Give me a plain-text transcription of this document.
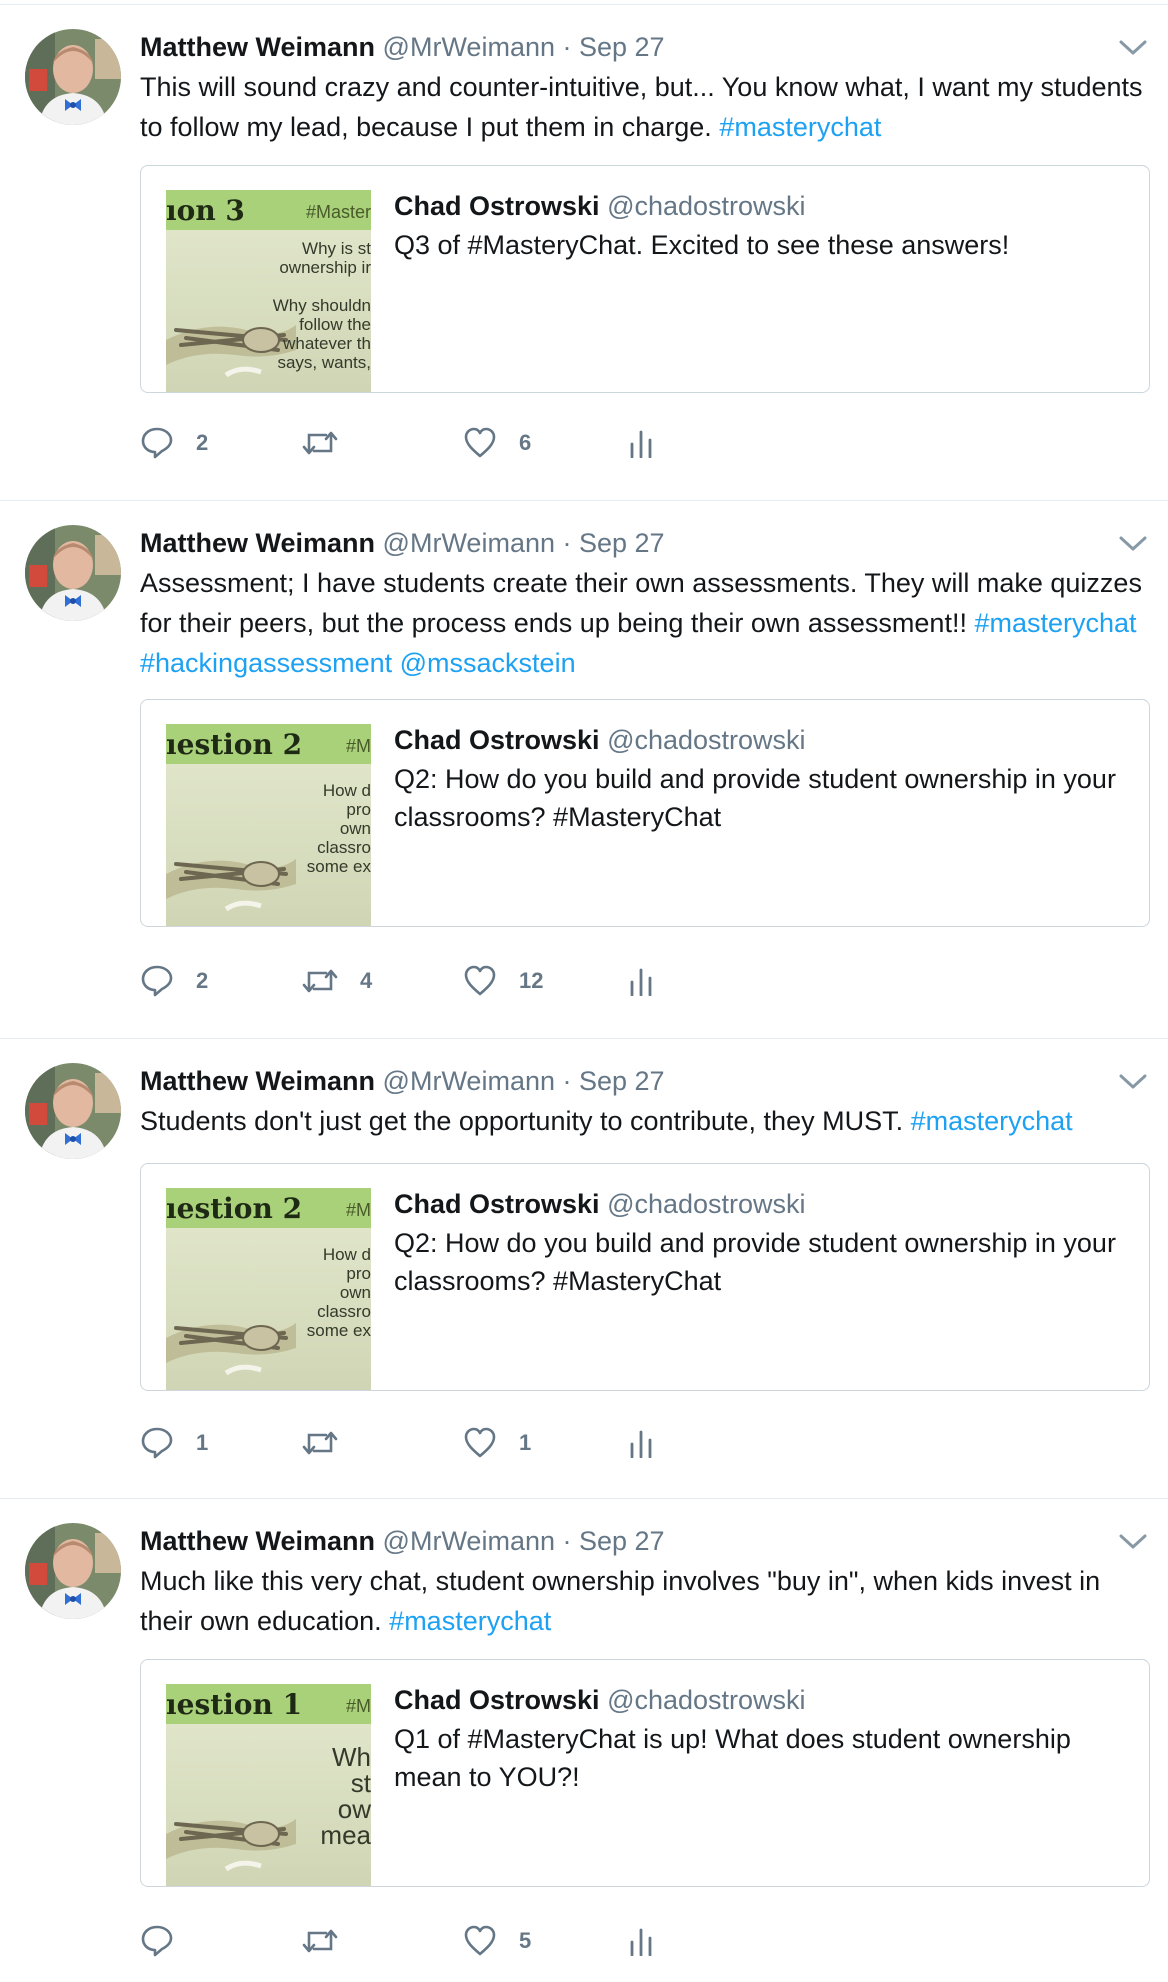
Matthew Weimann @MrWeimann · Sep 27
This will sound crazy and counter-intuitive, but... You know what, I want my students to follow my lead, because I put them in charge. #masterychat
ıon 3	#Master
Why is st
ownership ir
Why shouldn
follow the
whatever th
says, wants,
Chad Ostrowski @chadostrowski
Q3 of #MasteryChat. Excited to see these answers!
2	6
Matthew Weimann @MrWeimann · Sep 27
Assessment; I have students create their own assessments. They will make quizzes for their peers, but the process ends up being their own assessment!! #masterychat #hackingassessment @mssackstein
ıestion 2 #M
How d
pro
own
classro
some ex
Chad Ostrowski @chadostrowski
Q2: How do you build and provide student ownership in your classrooms? #MasteryChat
2	4	12
Matthew Weimann @MrWeimann · Sep 27
Students don't just get the opportunity to contribute, they MUST. #masterychat
ıestion 2 #M
How d
pro
own
classro
some ex
Chad Ostrowski @chadostrowski
Q2: How do you build and provide student ownership in your classrooms? #MasteryChat
1	1
Matthew Weimann @MrWeimann · Sep 27
Much like this very chat, student ownership involves "buy in", when kids invest in their own education. #masterychat
ıestion 1 #M
Wh
st
ow
mea
Chad Ostrowski @chadostrowski
Q1 of #MasteryChat is up! What does student ownership mean to YOU?!
5
